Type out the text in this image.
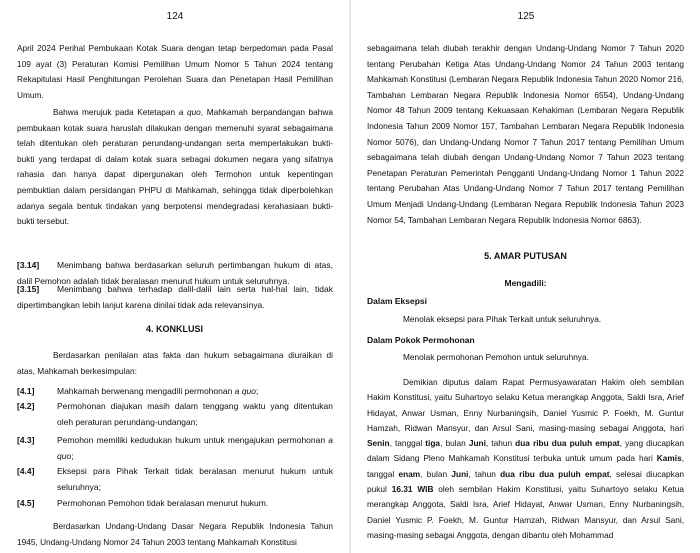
124
April 2024 Perihal Pembukaan Kotak Suara dengan tetap berpedoman pada Pasal 109 ayat (3) Peraturan Komisi Pemilihan Umum Nomor 5 Tahun 2024 tentang Rekapitulasi Hasil Penghitungan Perolehan Suara dan Penetapan Hasil Pemilihan Umum.
Bahwa merujuk pada Ketetapan a quo, Mahkamah berpandangan bahwa pembukaan kotak suara haruslah dilakukan dengan memenuhi syarat sebagaimana telah ditentukan oleh peraturan perundang-undangan serta memperlakukan bukti-bukti yang terdapat di dalam kotak suara sebagai dokumen negara yang sifatnya rahasia dan hanya dapat dipergunakan oleh Termohon untuk kepentingan pembuktian dalam persidangan PHPU di Mahkamah, sehingga tidak diperbolehkan adanya segala bentuk tindakan yang berpotensi mendegradasi kerahasiaan bukti-bukti tersebut.
[3.14]	Menimbang bahwa berdasarkan seluruh pertimbangan hukum di atas, dalil Pemohon adalah tidak beralasan menurut hukum untuk seluruhnya.
[3.15]	Menimbang bahwa terhadap dalil-dalil lain serta hal-hal lain, tidak dipertimbangkan lebih lanjut karena dinilai tidak ada relevansinya.
4. KONKLUSI
Berdasarkan penilaian atas fakta dan hukum sebagaimana diuraikan di atas, Mahkamah berkesimpulan:
[4.1]	Mahkamah berwenang mengadili permohonan a quo;
[4.2]	Permohonan diajukan masih dalam tenggang waktu yang ditentukan oleh peraturan perundang-undangan;
[4.3]	Pemohon memiliki kedudukan hukum untuk mengajukan permohonan a quo;
[4.4]	Eksepsi para Pihak Terkait tidak beralasan menurut hukum untuk seluruhnya;
[4.5]	Permohonan Pemohon tidak beralasan menurut hukum.
Berdasarkan Undang-Undang Dasar Negara Republik Indonesia Tahun 1945, Undang-Undang Nomor 24 Tahun 2003 tentang Mahkamah Konstitusi
125
sebagaimana telah diubah terakhir dengan Undang-Undang Nomor 7 Tahun 2020 tentang Perubahan Ketiga Atas Undang-Undang Nomor 24 Tahun 2003 tentang Mahkamah Konstitusi (Lembaran Negara Republik Indonesia Tahun 2020 Nomor 216, Tambahan Lembaran Negara Republik Indonesia Nomor 6554), Undang-Undang Nomor 48 Tahun 2009 tentang Kekuasaan Kehakiman (Lembaran Negara Republik Indonesia Tahun 2009 Nomor 157, Tambahan Lembaran Negara Republik Indonesia Nomor 5076), dan Undang-Undang Nomor 7 Tahun 2017 tentang Pemilihan Umum sebagaimana telah diubah dengan Undang-Undang Nomor 7 Tahun 2023 tentang Penetapan Peraturan Pemerintah Pengganti Undang-Undang Nomor 1 Tahun 2022 tentang Perubahan Atas Undang-Undang Nomor 7 Tahun 2017 tentang Pemilihan Umum Menjadi Undang-Undang (Lembaran Negara Republik Indonesia Tahun 2023 Nomor 54, Tambahan Lembaran Negara Republik Indonesia Nomor 6863).
5. AMAR PUTUSAN
Mengadili:
Dalam Eksepsi
Menolak eksepsi para Pihak Terkait untuk seluruhnya.
Dalam Pokok Permohonan
Menolak permohonan Pemohon untuk seluruhnya.
Demikian diputus dalam Rapat Permusyawaratan Hakim oleh sembilan Hakim Konstitusi, yaitu Suhartoyo selaku Ketua merangkap Anggota, Saldi Isra, Arief Hidayat, Anwar Usman, Enny Nurbaningsih, Daniel Yusmic P. Foekh, M. Guntur Hamzah, Ridwan Mansyur, dan Arsul Sani, masing-masing sebagai Anggota, hari Senin, tanggal tiga, bulan Juni, tahun dua ribu dua puluh empat, yang diucapkan dalam Sidang Pleno Mahkamah Konstitusi terbuka untuk umum pada hari Kamis, tanggal enam, bulan Juni, tahun dua ribu dua puluh empat, selesai diucapkan pukul 16.31 WIB oleh sembilan Hakim Konstitusi, yaitu Suhartoyo selaku Ketua merangkap Anggota, Saldi Isra, Arief Hidayat, Anwar Usman, Enny Nurbaningsih, Daniel Yusmic P. Foekh, M. Guntur Hamzah, Ridwan Mansyur, dan Arsul Sani, masing-masing sebagai Anggota, dengan dibantu oleh Mohammad
